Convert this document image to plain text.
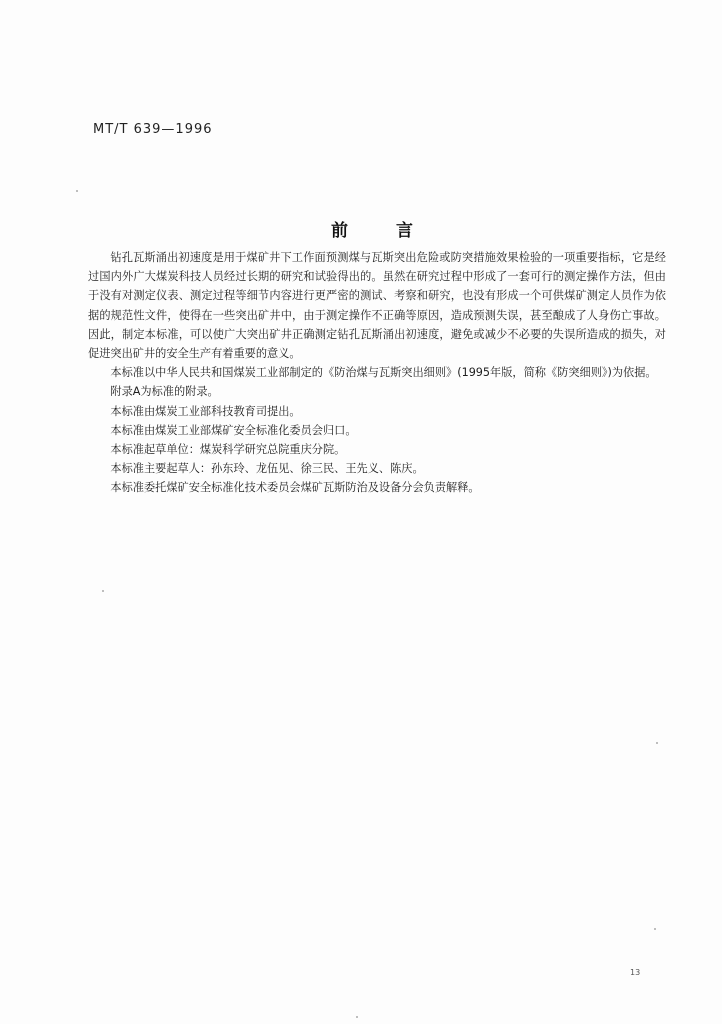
MT/T 639—1996
前	言

钻孔瓦斯涌出初速度是用于煤矿井下工作面预测煤与瓦斯突出危险或防突措施效果检验的一项重要指标，它是经过国内外广大煤炭科技人员经过长期的研究和试验得出的。虽然在研究过程中形成了一套可行的测定操作方法，但由于没有对测定仪表、测定过程等细节内容进行更严密的测试、考察和研究，也没有形成一个可供煤矿测定人员作为依据的规范性文件，使得在一些突出矿井中，由于测定操作不正确等原因，造成预测失误，甚至酿成了人身伤亡事故。因此，制定本标准，可以使广大突出矿井正确测定钻孔瓦斯涌出初速度，避免或减少不必要的失误所造成的损失，对促进突出矿井的安全生产有着重要的意义。

本标准以中华人民共和国煤炭工业部制定的《防治煤与瓦斯突出细则》(1995年版，简称《防突细则》)为依据。

附录A为标准的附录。

本标准由煤炭工业部科技教育司提出。

本标准由煤炭工业部煤矿安全标准化委员会归口。

本标准起草单位：煤炭科学研究总院重庆分院。

本标准主要起草人：孙东玲、龙伍见、徐三民、王先义、陈庆。

本标准委托煤矿安全标准化技术委员会煤矿瓦斯防治及设备分会负责解释。

13
